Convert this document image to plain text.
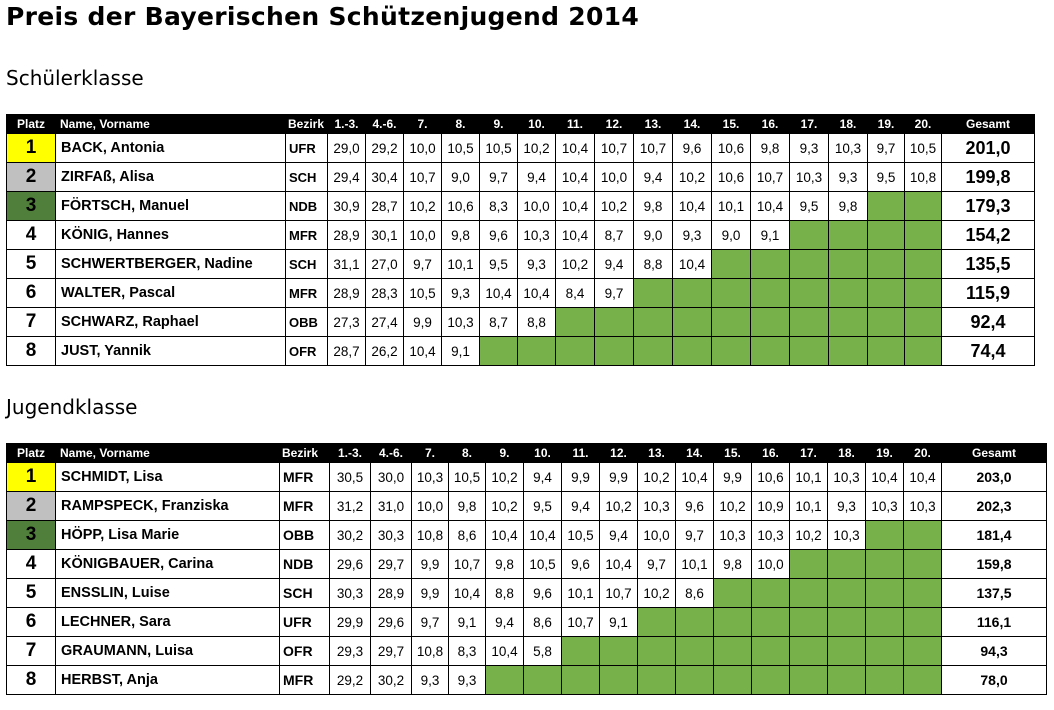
Preis der Bayerischen Schützenjugend 2014
Schülerklasse
Platz	Name, Vorname	Bezirk	1.-3.	4.-6.	7.	8.	9.	10.	11.	12.	13.	14.	15.	16.	17.	18.	19.	20.	Gesamt
1	BACK, Antonia	UFR	29,0	29,2	10,0	10,5	10,5	10,2	10,4	10,7	10,7	9,6	10,6	9,8	9,3	10,3	9,7	10,5	201,0
2	ZIRFAß, Alisa	SCH	29,4	30,4	10,7	9,0	9,7	9,4	10,4	10,0	9,4	10,2	10,6	10,7	10,3	9,3	9,5	10,8	199,8
3	FÖRTSCH, Manuel	NDB	30,9	28,7	10,2	10,6	8,3	10,0	10,4	10,2	9,8	10,4	10,1	10,4	9,5	9,8			179,3
4	KÖNIG, Hannes	MFR	28,9	30,1	10,0	9,8	9,6	10,3	10,4	8,7	9,0	9,3	9,0	9,1					154,2
5	SCHWERTBERGER, Nadine	SCH	31,1	27,0	9,7	10,1	9,5	9,3	10,2	9,4	8,8	10,4							135,5
6	WALTER, Pascal	MFR	28,9	28,3	10,5	9,3	10,4	10,4	8,4	9,7									115,9
7	SCHWARZ, Raphael	OBB	27,3	27,4	9,9	10,3	8,7	8,8											92,4
8	JUST, Yannik	OFR	28,7	26,2	10,4	9,1													74,4
Jugendklasse
Platz	Name, Vorname	Bezirk	1.-3.	4.-6.	7.	8.	9.	10.	11.	12.	13.	14.	15.	16.	17.	18.	19.	20.	Gesamt
1	SCHMIDT, Lisa	MFR	30,5	30,0	10,3	10,5	10,2	9,4	9,9	9,9	10,2	10,4	9,9	10,6	10,1	10,3	10,4	10,4	203,0
2	RAMPSPECK, Franziska	MFR	31,2	31,0	10,0	9,8	10,2	9,5	9,4	10,2	10,3	9,6	10,2	10,9	10,1	9,3	10,3	10,3	202,3
3	HÖPP, Lisa Marie	OBB	30,2	30,3	10,8	8,6	10,4	10,4	10,5	9,4	10,0	9,7	10,3	10,3	10,2	10,3			181,4
4	KÖNIGBAUER, Carina	NDB	29,6	29,7	9,9	10,7	9,8	10,5	9,6	10,4	9,7	10,1	9,8	10,0					159,8
5	ENSSLIN, Luise	SCH	30,3	28,9	9,9	10,4	8,8	9,6	10,1	10,7	10,2	8,6							137,5
6	LECHNER, Sara	UFR	29,9	29,6	9,7	9,1	9,4	8,6	10,7	9,1									116,1
7	GRAUMANN, Luisa	OFR	29,3	29,7	10,8	8,3	10,4	5,8											94,3
8	HERBST, Anja	MFR	29,2	30,2	9,3	9,3													78,0
